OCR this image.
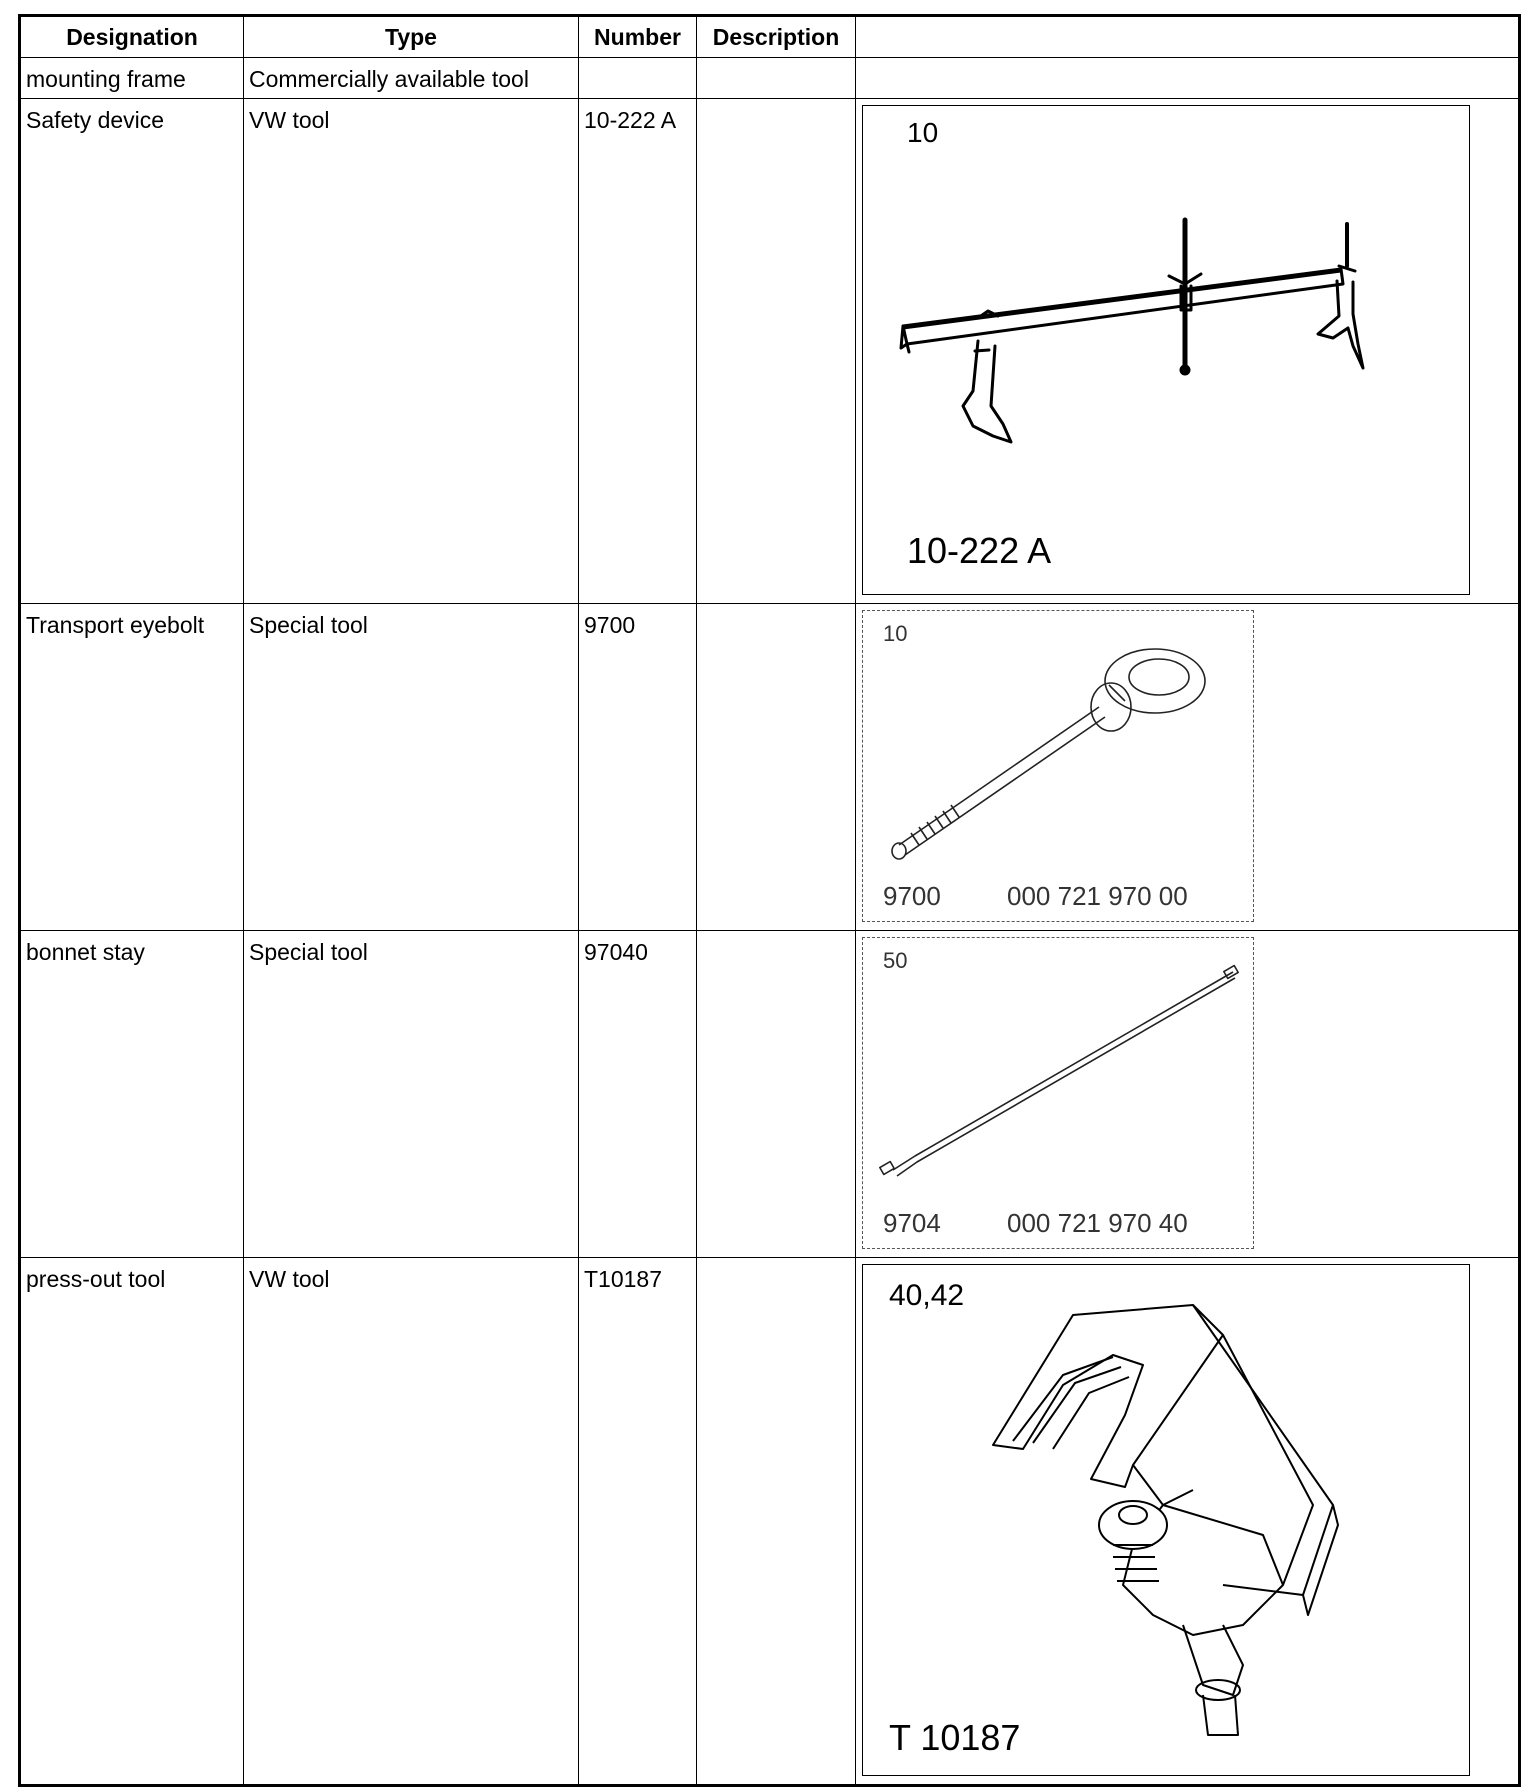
Designation	Type	Number	Description	

mounting frame	Commercially available tool			

Safety device	VW tool	10-222 A		10
10-222 A

Transport eyebolt	Special tool	9700		10
9700 000 721 970 00

bonnet stay	Special tool	97040		50
9704 000 721 970 40

press-out tool	VW tool	T10187		40,42
T 10187
